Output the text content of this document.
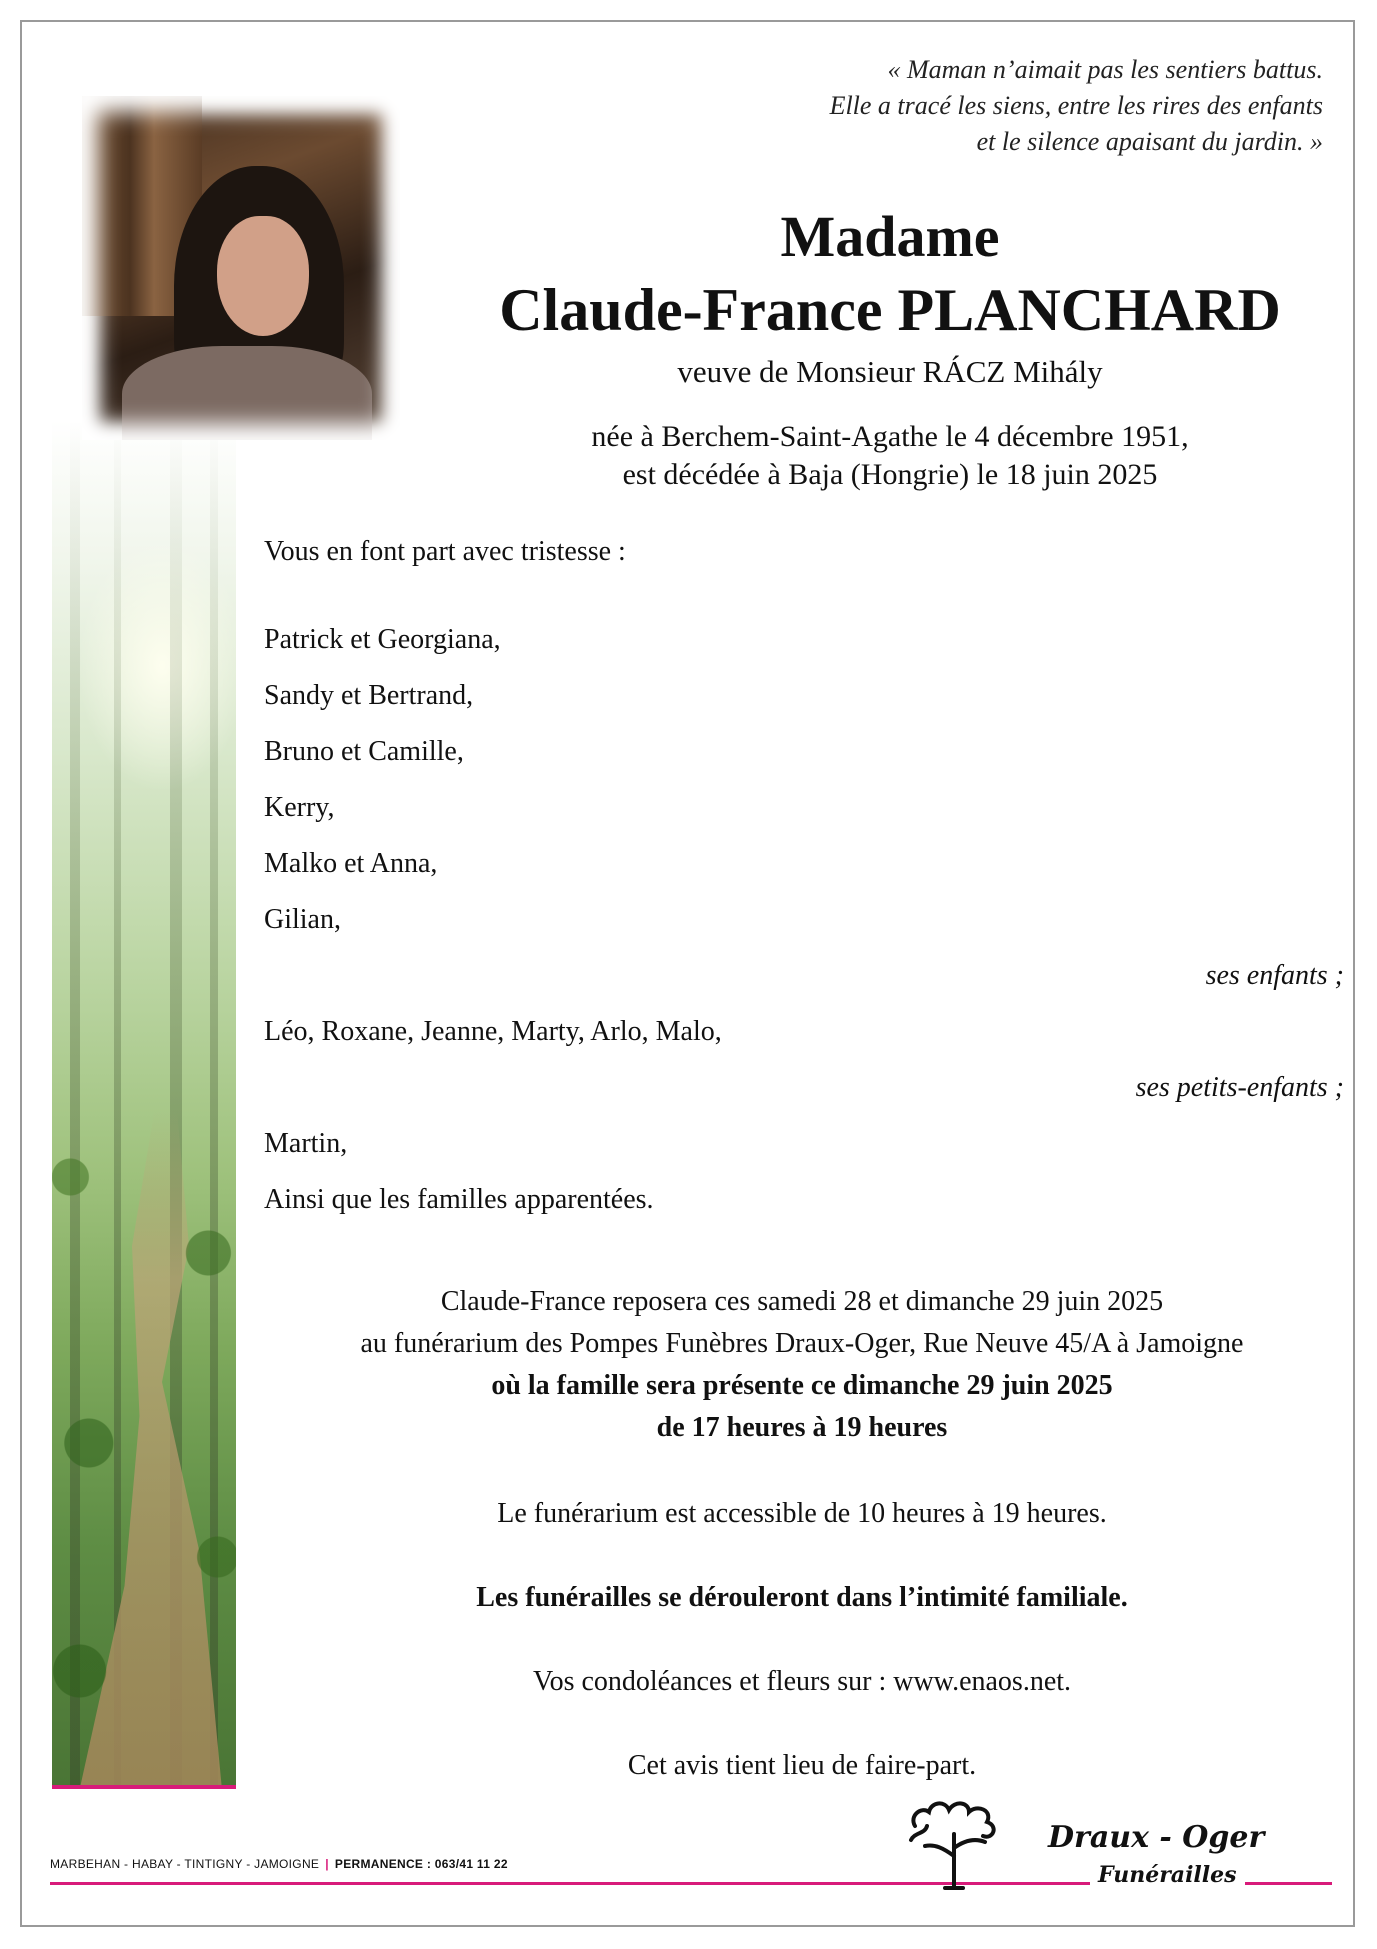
« Maman n’aimait pas les sentiers battus.
Elle a tracé les siens, entre les rires des enfants
et le silence apaisant du jardin. »
Madame
Claude-France PLANCHARD
veuve de Monsieur RÁCZ Mihály
née à Berchem-Saint-Agathe le 4 décembre 1951,
est décédée à Baja (Hongrie) le 18 juin 2025
Vous en font part avec tristesse :
Patrick et Georgiana,
Sandy et Bertrand,
Bruno et Camille,
Kerry,
Malko et Anna,
Gilian,
ses enfants ;
Léo, Roxane, Jeanne, Marty, Arlo, Malo,
ses petits-enfants ;
Martin,
Ainsi que les familles apparentées.
Claude-France reposera ces samedi 28 et dimanche 29 juin 2025
au funérarium des Pompes Funèbres Draux-Oger, Rue Neuve 45/A à Jamoigne
où la famille sera présente ce dimanche 29 juin 2025
de 17 heures à 19 heures
Le funérarium est accessible de 10 heures à 19 heures.
Les funérailles se dérouleront dans l’intimité familiale.
Vos condoléances et fleurs sur : www.enaos.net.
Cet avis tient lieu de faire-part.
MARBEHAN - HABAY - TINTIGNY - JAMOIGNE | PERMANENCE : 063/41 11 22
Draux - Oger
Funérailles
